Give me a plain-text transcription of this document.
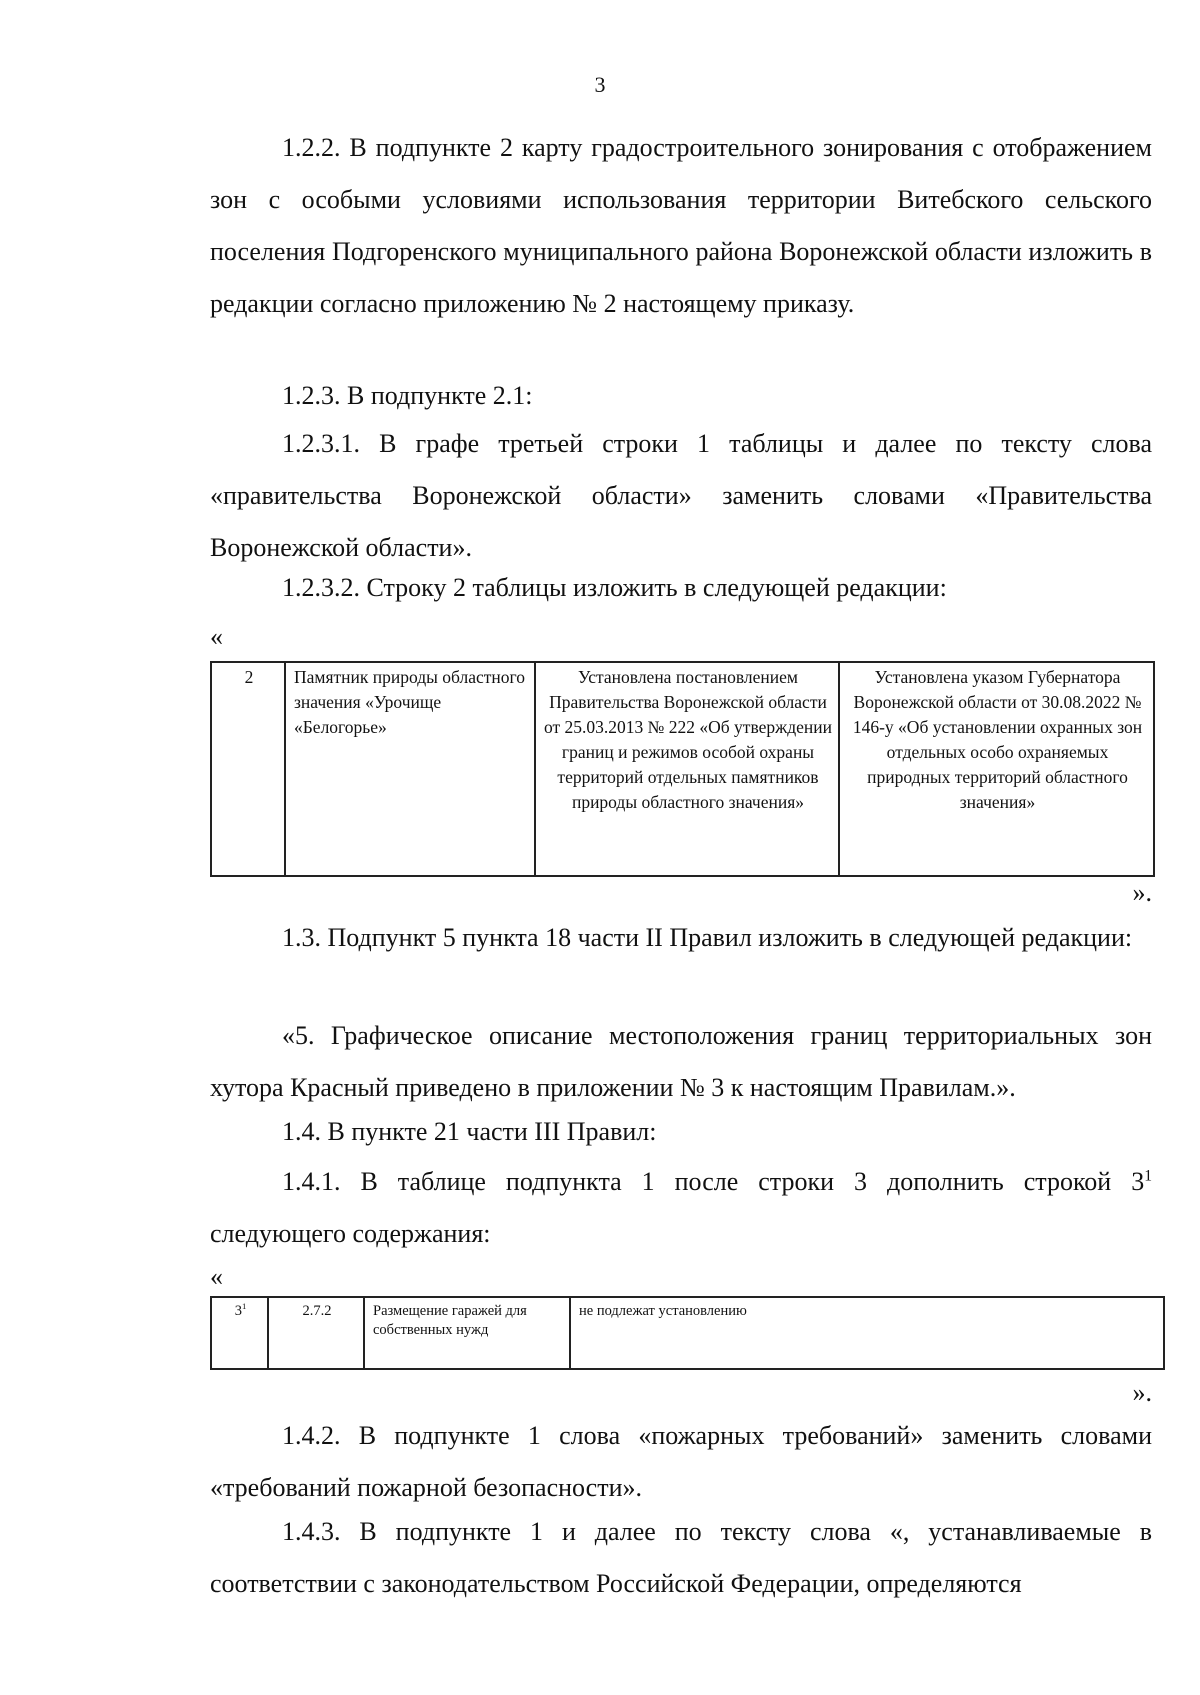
3

1.2.2. В подпункте 2 карту градостроительного зонирования с отображением зон с особыми условиями использования территории Витебского сельского поселения Подгоренского муниципального района Воронежской области изложить в редакции согласно приложению № 2 настоящему приказу.

1.2.3. В подпункте 2.1:

1.2.3.1. В графе третьей строки 1 таблицы и далее по тексту слова «правительства Воронежской области» заменить словами «Правительства Воронежской области».

1.2.3.2. Строку 2 таблицы изложить в следующей редакции:

«
2	Памятник природы областного значения «Урочище «Белогорье»	Установлена постановлением Правительства Воронежской области от 25.03.2013 № 222 «Об утверждении границ и режимов особой охраны территорий отдельных памятников природы областного значения»	Установлена указом Губернатора Воронежской области от 30.08.2022 № 146-у «Об установлении охранных зон отдельных особо охраняемых природных территорий областного значения»
».

1.3. Подпункт 5 пункта 18 части II Правил изложить в следующей редакции:

«5. Графическое описание местоположения границ территориальных зон хутора Красный приведено в приложении № 3 к настоящим Правилам.».

1.4. В пункте 21 части III Правил:

1.4.1. В таблице подпункта 1 после строки 3 дополнить строкой $3^1$ следующего содержания:

«
$3^1$	2.7.2	Размещение гаражей для собственных нужд	не подлежат установлению
».

1.4.2. В подпункте 1 слова «пожарных требований» заменить словами «требований пожарной безопасности».

1.4.3. В подпункте 1 и далее по тексту слова «, устанавливаемые в соответствии с законодательством Российской Федерации, определяются
